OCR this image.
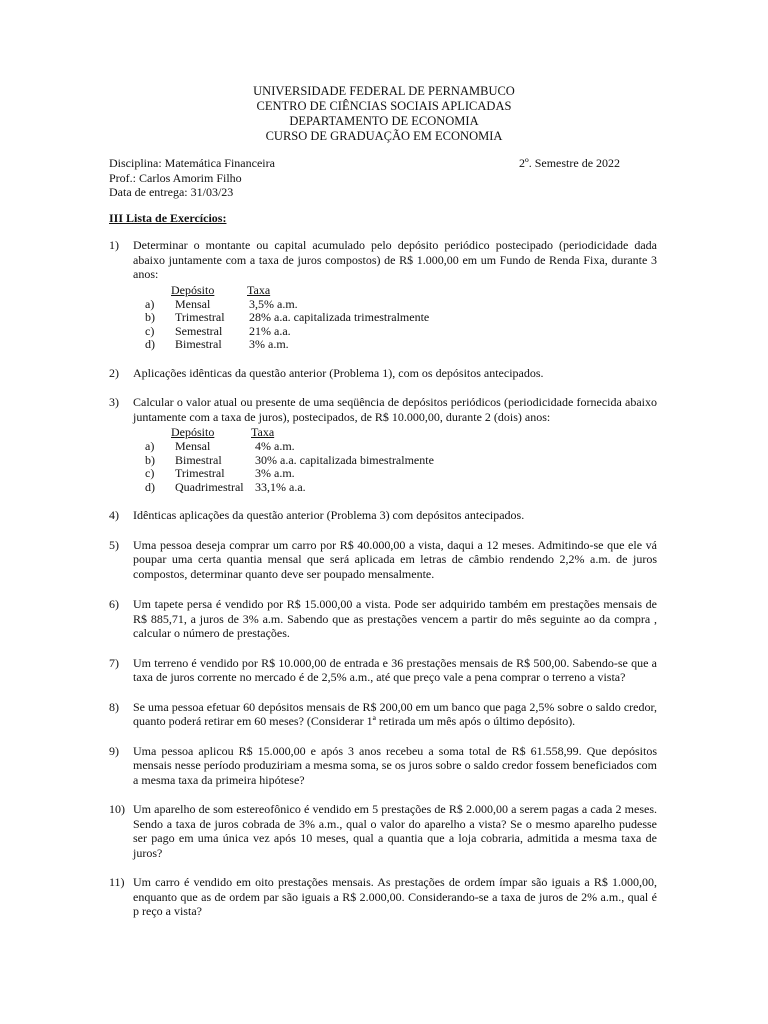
UNIVERSIDADE FEDERAL DE PERNAMBUCO
CENTRO DE CIÊNCIAS SOCIAIS APLICADAS
DEPARTAMENTO DE ECONOMIA
CURSO DE GRADUAÇÃO EM ECONOMIA
Disciplina: Matemática Financeira	2º. Semestre de 2022
Prof.: Carlos Amorim Filho
Data de entrega: 31/03/23
III Lista de Exercícios:
1) Determinar o montante ou capital acumulado pelo depósito periódico postecipado (periodicidade dada abaixo juntamente com a taxa de juros compostos) de R$ 1.000,00 em um Fundo de Renda Fixa, durante 3 anos:
Depósito	Taxa
a) Mensal	3,5% a.m.
b) Trimestral 28% a.a. capitalizada trimestralmente
c) Semestral 21% a.a.
d) Bimestral 3% a.m.
2) Aplicações idênticas da questão anterior (Problema 1), com os depósitos antecipados.
3) Calcular o valor atual ou presente de uma seqüência de depósitos periódicos (periodicidade fornecida abaixo juntamente com a taxa de juros), postecipados, de R$ 10.000,00, durante 2 (dois) anos:
Depósito	Taxa
a) Mensal	4% a.m.
b) Bimestral	30% a.a. capitalizada bimestralmente
c) Trimestral	3% a.m.
d) Quadrimestral 33,1% a.a.
4) Idênticas aplicações da questão anterior (Problema 3) com depósitos antecipados.
5) Uma pessoa deseja comprar um carro por R$ 40.000,00 a vista, daqui a 12 meses. Admitindo-se que ele vá poupar uma certa quantia mensal que será aplicada em letras de câmbio rendendo 2,2% a.m. de juros compostos, determinar quanto deve ser poupado mensalmente.
6) Um tapete persa é vendido por R$ 15.000,00 a vista. Pode ser adquirido também em prestações mensais de R$ 885,71, a juros de 3% a.m. Sabendo que as prestações vencem a partir do mês seguinte ao da compra , calcular o número de prestações.
7) Um terreno é vendido por R$ 10.000,00 de entrada e 36 prestações mensais de R$ 500,00. Sabendo-se que a taxa de juros corrente no mercado é de 2,5% a.m., até que preço vale a pena comprar o terreno a vista?
8) Se uma pessoa efetuar 60 depósitos mensais de R$ 200,00 em um banco que paga 2,5% sobre o saldo credor, quanto poderá retirar em 60 meses? (Considerar 1ª retirada um mês após o último depósito).
9) Uma pessoa aplicou R$ 15.000,00 e após 3 anos recebeu a soma total de R$ 61.558,99. Que depósitos mensais nesse período produziriam a mesma soma, se os juros sobre o saldo credor fossem beneficiados com a mesma taxa da primeira hipótese?
10) Um aparelho de som estereofônico é vendido em 5 prestações de R$ 2.000,00 a serem pagas a cada 2 meses. Sendo a taxa de juros cobrada de 3% a.m., qual o valor do aparelho a vista? Se o mesmo aparelho pudesse ser pago em uma única vez após 10 meses, qual a quantia que a loja cobraria, admitida a mesma taxa de juros?
11) Um carro é vendido em oito prestações mensais. As prestações de ordem ímpar são iguais a R$ 1.000,00, enquanto que as de ordem par são iguais a R$ 2.000,00. Considerando-se a taxa de juros de 2% a.m., qual é p reço a vista?
